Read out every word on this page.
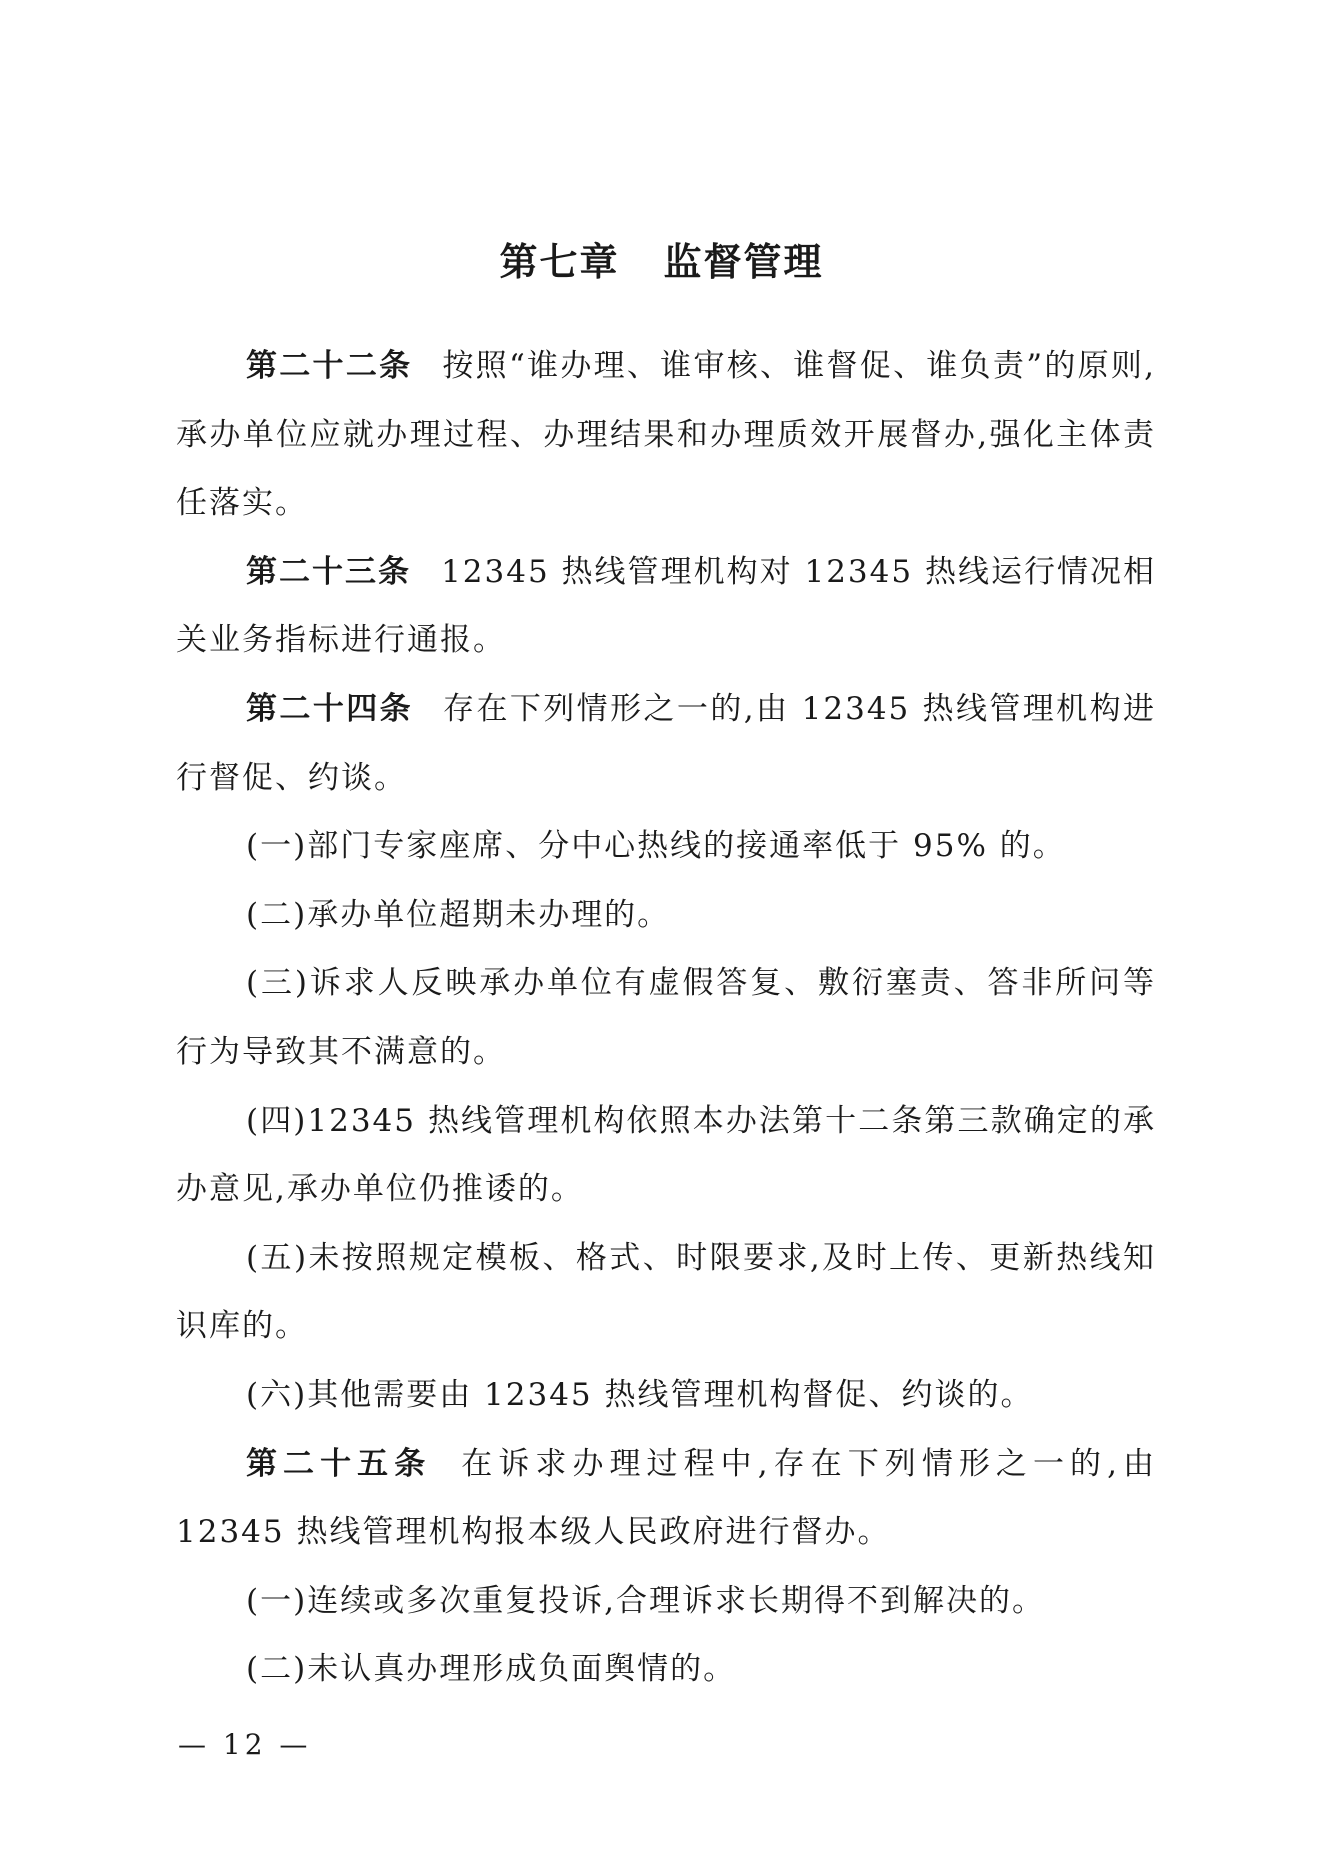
第七章 监督管理

第二十二条 按照“谁办理、谁审核、谁督促、谁负责”的原则,承办单位应就办理过程、办理结果和办理质效开展督办,强化主体责任落实。

第二十三条 12345 热线管理机构对 12345 热线运行情况相关业务指标进行通报。

第二十四条 存在下列情形之一的,由 12345 热线管理机构进行督促、约谈。

(一)部门专家座席、分中心热线的接通率低于 95% 的。

(二)承办单位超期未办理的。

(三)诉求人反映承办单位有虚假答复、敷衍塞责、答非所问等行为导致其不满意的。

(四)12345 热线管理机构依照本办法第十二条第三款确定的承办意见,承办单位仍推诿的。

(五)未按照规定模板、格式、时限要求,及时上传、更新热线知识库的。

(六)其他需要由 12345 热线管理机构督促、约谈的。

第二十五条 在诉求办理过程中,存在下列情形之一的,由 12345 热线管理机构报本级人民政府进行督办。

(一)连续或多次重复投诉,合理诉求长期得不到解决的。

(二)未认真办理形成负面舆情的。

— 12 —
